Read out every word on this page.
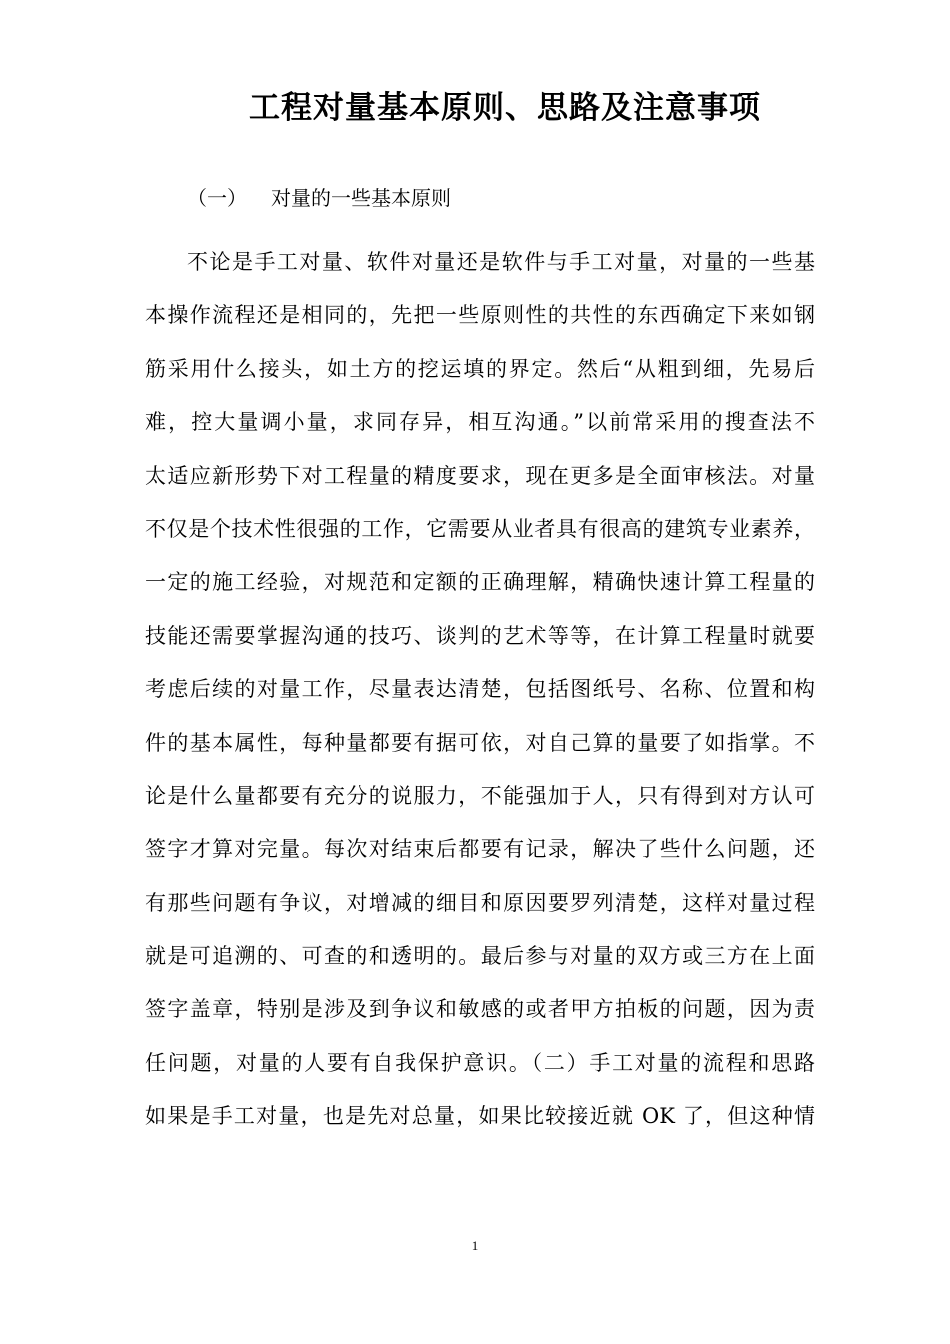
工程对量基本原则、思路及注意事项
（一） 对量的一些基本原则
不论是手工对量、软件对量还是软件与手工对量，对量的一些基
本操作流程还是相同的，先把一些原则性的共性的东西确定下来如钢
筋采用什么接头，如土方的挖运填的界定。然后“从粗到细，先易后
难，控大量调小量，求同存异，相互沟通。”以前常采用的搜查法不
太适应新形势下对工程量的精度要求，现在更多是全面审核法。对量
不仅是个技术性很强的工作，它需要从业者具有很高的建筑专业素养，
一定的施工经验，对规范和定额的正确理解，精确快速计算工程量的
技能还需要掌握沟通的技巧、谈判的艺术等等，在计算工程量时就要
考虑后续的对量工作，尽量表达清楚，包括图纸号、名称、位置和构
件的基本属性，每种量都要有据可依，对自己算的量要了如指掌。不
论是什么量都要有充分的说服力，不能强加于人，只有得到对方认可
签字才算对完量。每次对结束后都要有记录，解决了些什么问题，还
有那些问题有争议，对增减的细目和原因要罗列清楚，这样对量过程
就是可追溯的、可查的和透明的。最后参与对量的双方或三方在上面
签字盖章，特别是涉及到争议和敏感的或者甲方拍板的问题，因为责
任问题，对量的人要有自我保护意识。（二）手工对量的流程和思路
如果是手工对量，也是先对总量，如果比较接近就 OK 了，但这种情
1
